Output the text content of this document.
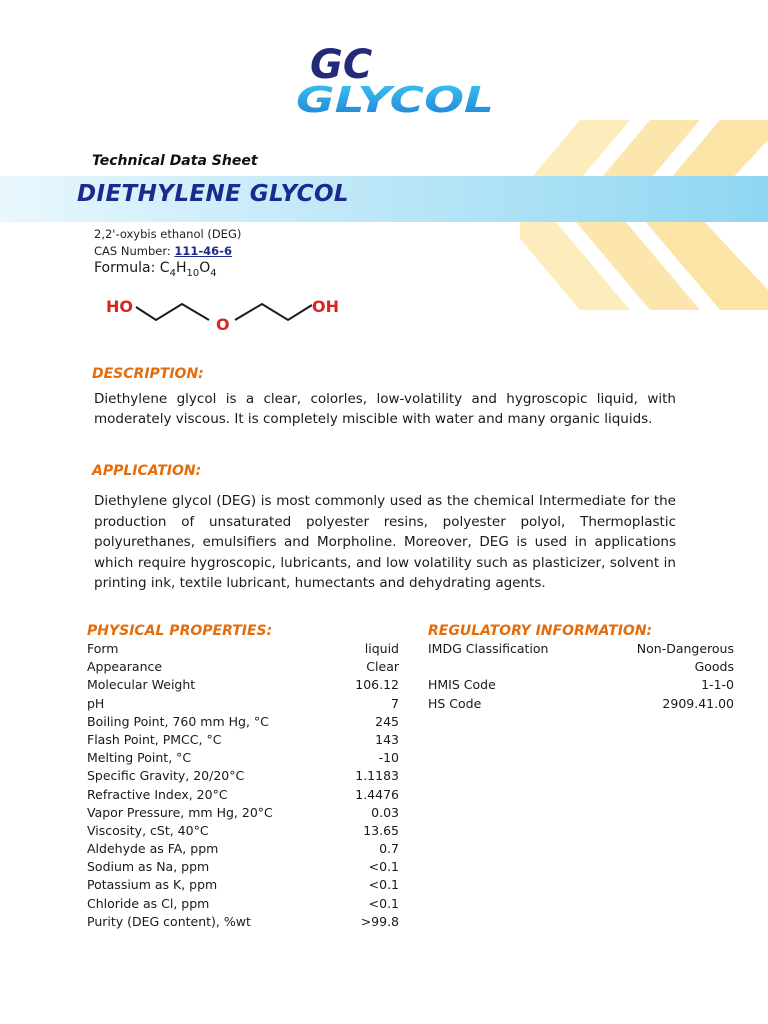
GC
GLYCOL
Technical Data Sheet
DIETHYLENE GLYCOL
2,2'-oxybis ethanol (DEG)
CAS Number: 111-46-6
Formula: $C_4H_{10}O_4$
HO
O
OH
DESCRIPTION:
Diethylene glycol is a clear, colorles, low-volatility and hygroscopic liquid, with moderately viscous. It is completely miscible with water and many organic liquids.
APPLICATION:
Diethylene glycol (DEG) is most commonly used as the chemical Intermediate for the production of unsaturated polyester resins, polyester polyol, Thermoplastic polyurethanes, emulsifiers and Morpholine. Moreover, DEG is used in applications which require hygroscopic, lubricants, and low volatility such as plasticizer, solvent in printing ink, textile lubricant, humectants and dehydrating agents.
PHYSICAL PROPERTIES:
Form	liquid
Appearance	Clear
Molecular Weight	106.12
pH	7
Boiling Point, 760 mm Hg, °C	245
Flash Point, PMCC, °C	143
Melting Point, °C	-10
Specific Gravity, 20/20°C	1.1183
Refractive Index, 20°C	1.4476
Vapor Pressure, mm Hg, 20°C	0.03
Viscosity, cSt, 40°C	13.65
Aldehyde as FA, ppm	0.7
Sodium as Na, ppm	<0.1
Potassium as K, ppm	<0.1
Chloride as Cl, ppm	<0.1
Purity (DEG content), %wt	>99.8
REGULATORY INFORMATION:
IMDG Classification	Non-Dangerous
	Goods
HMIS Code	1-1-0
HS Code	2909.41.00
